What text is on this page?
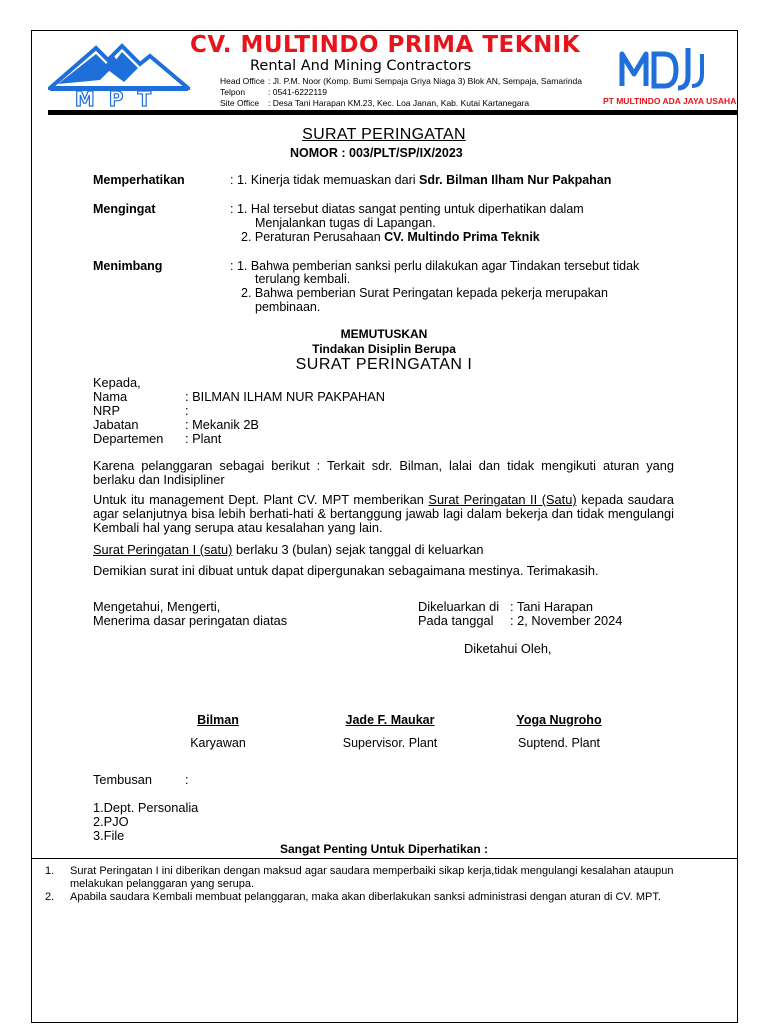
MPT
CV. MULTINDO PRIMA TEKNIK
Rental And Mining Contractors
Head Office : Jl. P.M. Noor (Komp. Bumi Sempaja Griya Niaga 3) Blok AN, Sempaja, Samarinda
Telpon	: 0541-6222119
Site Office : Desa Tani Harapan KM.23, Kec. Loa Janan, Kab. Kutai Kartanegara
MDJU
PT MULTINDO ADA JAYA USAHA
SURAT PERINGATAN
NOMOR : 003/PLT/SP/IX/2023
Memperhatikan	: 1. Kinerja tidak memuaskan dari Sdr. Bilman Ilham Nur Pakpahan
Mengingat	: 1. Hal tersebut diatas sangat penting untuk diperhatikan dalam
Menjalankan tugas di Lapangan.
2. Peraturan Perusahaan CV. Multindo Prima Teknik
Menimbang	: 1. Bahwa pemberian sanksi perlu dilakukan agar Tindakan tersebut tidak
terulang kembali.
2. Bahwa pemberian Surat Peringatan kepada pekerja merupakan
pembinaan.
MEMUTUSKAN
Tindakan Disiplin Berupa
SURAT PERINGATAN I
Kepada,
Nama	: BILMAN ILHAM NUR PAKPAHAN
NRP	:
Jabatan	: Mekanik 2B
Departemen : Plant
Karena pelanggaran sebagai berikut : Terkait sdr. Bilman, lalai dan tidak mengikuti aturan yang berlaku dan Indisipliner
Untuk itu management Dept. Plant CV. MPT memberikan Surat Peringatan II (Satu) kepada saudara agar selanjutnya bisa lebih berhati-hati & bertanggung jawab lagi dalam bekerja dan tidak mengulangi Kembali hal yang serupa atau kesalahan yang lain.
Surat Peringatan I (satu) berlaku 3 (bulan) sejak tanggal di keluarkan
Demikian surat ini dibuat untuk dapat dipergunakan sebagaimana mestinya. Terimakasih.
Mengetahui, Mengerti,
Menerima dasar peringatan diatas
Dikeluarkan di : Tani Harapan
Pada tanggal : 2, November 2024
Diketahui Oleh,
Bilman
Karyawan
Jade F. Maukar
Supervisor. Plant
Yoga Nugroho
Suptend. Plant
Tembusan	:
1.Dept. Personalia
2.PJO
3.File
Sangat Penting Untuk Diperhatikan :
1. Surat Peringatan I ini diberikan dengan maksud agar saudara memperbaiki sikap kerja,tidak mengulangi kesalahan ataupun melakukan pelanggaran yang serupa.
2. Apabila saudara Kembali membuat pelanggaran, maka akan diberlakukan sanksi administrasi dengan aturan di CV. MPT.
